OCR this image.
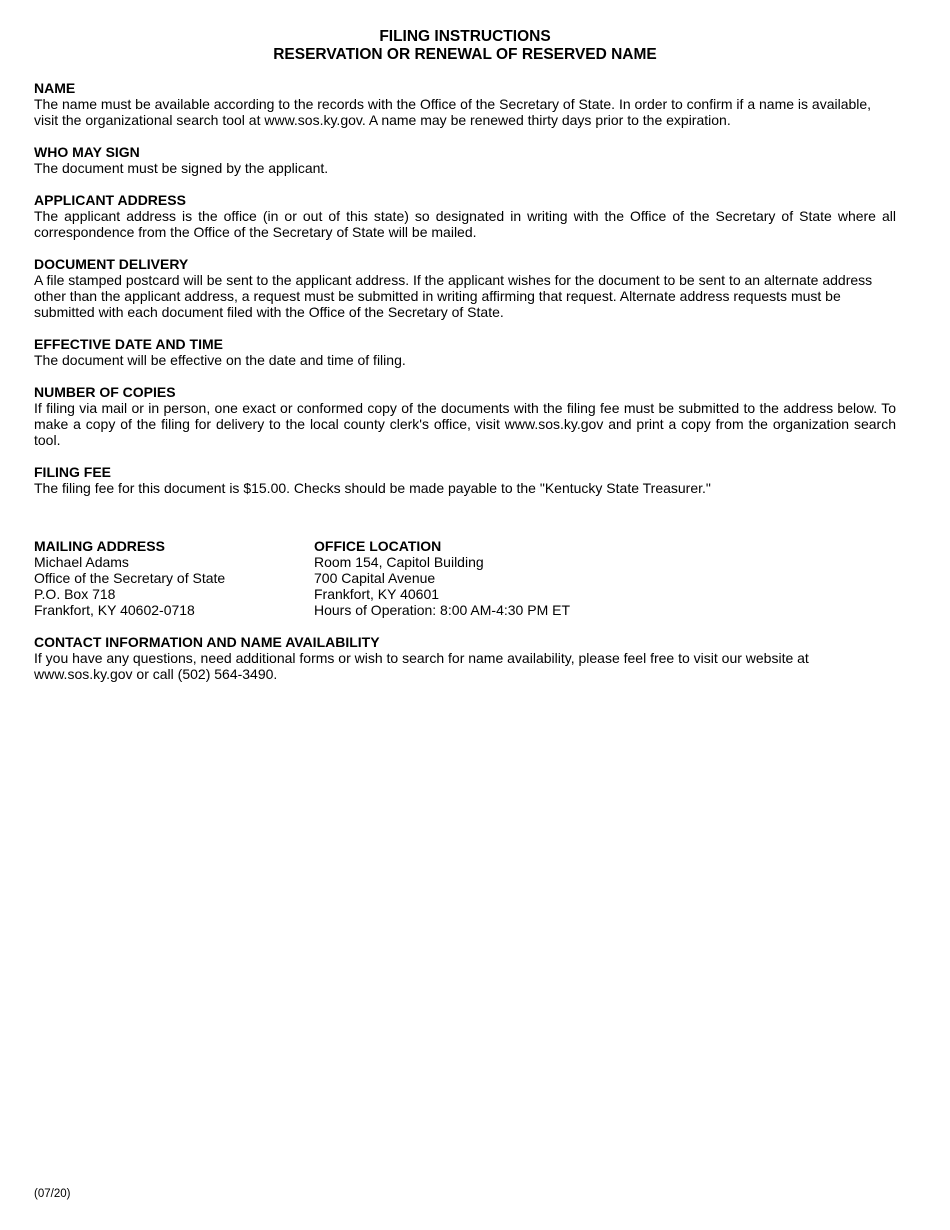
FILING INSTRUCTIONS

RESERVATION OR RENEWAL OF RESERVED NAME

NAME

The name must be available according to the records with the Office of the Secretary of State. In order to confirm if a name is available, visit the organizational search tool at www.sos.ky.gov. A name may be renewed thirty days prior to the expiration.

WHO MAY SIGN

The document must be signed by the applicant.

APPLICANT ADDRESS

The applicant address is the office (in or out of this state) so designated in writing with the Office of the Secretary of State where all correspondence from the Office of the Secretary of State will be mailed.

DOCUMENT DELIVERY

A file stamped postcard will be sent to the applicant address. If the applicant wishes for the document to be sent to an alternate address other than the applicant address, a request must be submitted in writing affirming that request. Alternate address requests must be submitted with each document filed with the Office of the Secretary of State.

EFFECTIVE DATE AND TIME

The document will be effective on the date and time of filing.

NUMBER OF COPIES

If filing via mail or in person, one exact or conformed copy of the documents with the filing fee must be submitted to the address below. To make a copy of the filing for delivery to the local county clerk's office, visit www.sos.ky.gov and print a copy from the organization search tool.

FILING FEE

The filing fee for this document is $15.00. Checks should be made payable to the "Kentucky State Treasurer."

MAILING ADDRESS
Michael Adams
Office of the Secretary of State
P.O. Box 718
Frankfort, KY 40602-0718
OFFICE LOCATION
Room 154, Capitol Building
700 Capital Avenue
Frankfort, KY 40601
Hours of Operation: 8:00 AM-4:30 PM ET

CONTACT INFORMATION AND NAME AVAILABILITY

If you have any questions, need additional forms or wish to search for name availability, please feel free to visit our website at www.sos.ky.gov or call (502) 564-3490.

(07/20)
